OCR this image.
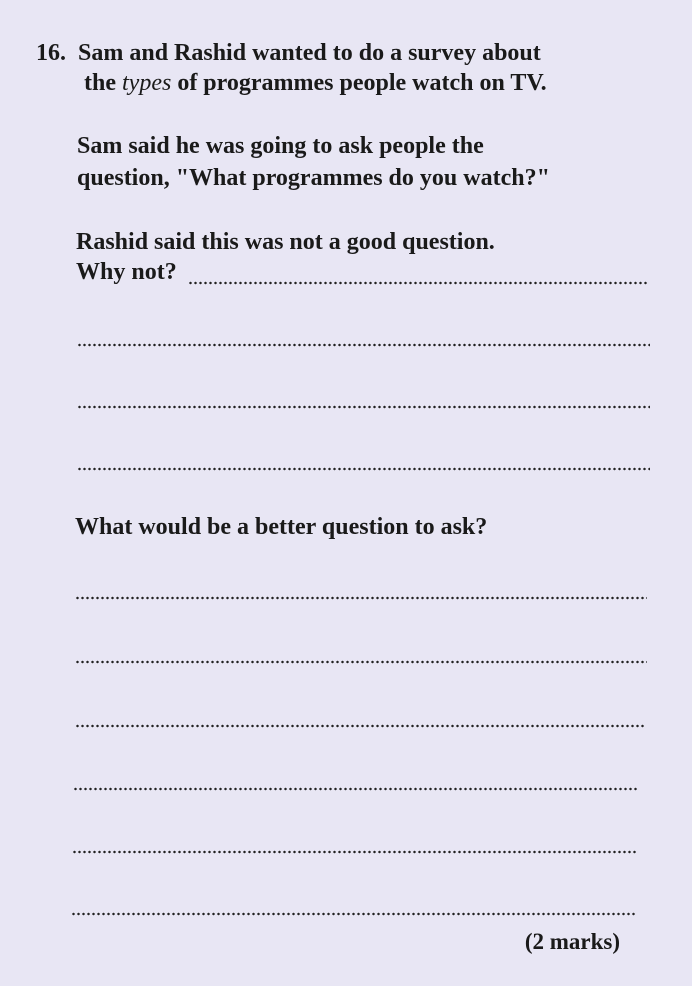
16. Sam and Rashid wanted to do a survey about
the types of programmes people watch on TV.
Sam said he was going to ask people the
question, "What programmes do you watch?"
Rashid said this was not a good question.
Why not?
What would be a better question to ask?
(2 marks)
